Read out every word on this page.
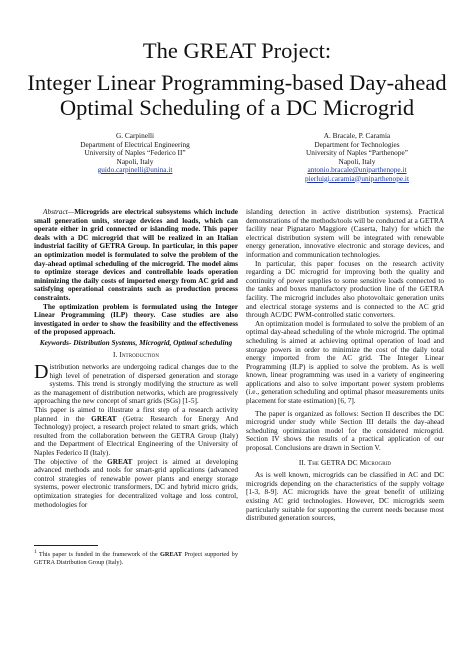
The GREAT Project:
Integer Linear Programming-based Day-ahead
Optimal Scheduling of a DC Microgrid
G. Carpinelli
Department of Electrical Engineering
University of Naples “Federico II”
Napoli, Italy
guido.carpinelli@unina.it
A. Bracale, P. Caramia
Department for Technologies
University of Naples “Parthenope”
Napoli, Italy
antonio.bracale@uniparthenope.it
pierluigi.caramia@uniparthenope.it

Abstract—Microgrids are electrical subsystems which include small generation units, storage devices and loads, which can operate either in grid connected or islanding mode. This paper deals with a DC microgrid that will be realized in an Italian industrial facility of GETRA Group. In particular, in this paper an optimization model is formulated to solve the problem of the day-ahead optimal scheduling of the microgrid. The model aims to optimize storage devices and controllable loads operation minimizing the daily costs of imported energy from AC grid and satisfying operational constraints such as production process constraints.

The optimization problem is formulated using the Integer Linear Programming (ILP) theory. Case studies are also investigated in order to show the feasibility and the effectiveness of the proposed approach.

Keywords- Distribution Systems, Microgrid, Optimal scheduling
I. Introduction

Distribution networks are undergoing radical changes due to the high level of penetration of dispersed generation and storage systems. This trend is strongly modifying the structure as well as the management of distribution networks, which are progressively approaching the new concept of smart grids (SGs) [1-5].

This paper is aimed to illustrate a first step of a research activity planned in the GREAT (Getra: Research for Energy And Technology) project, a research project related to smart grids, which resulted from the collaboration between the GETRA Group (Italy) and the Department of Electrical Engineering of the University of Naples Federico II (Italy).

The objective of the GREAT project is aimed at developing advanced methods and tools for smart-grid applications (advanced control strategies of renewable power plants and energy storage systems, power electronic transformers, DC and hybrid micro grids, optimization strategies for decentralized voltage and loss control, methodologies for

islanding detection in active distribution systems). Practical demonstrations of the methods/tools will be conducted at a GETRA facility near Pignataro Maggiore (Caserta, Italy) for which the electrical distribution system will be integrated with renewable energy generation, innovative electronic and storage devices, and information and communication technologies.

In particular, this paper focuses on the research activity regarding a DC microgrid for improving both the quality and continuity of power supplies to some sensitive loads connected to the tanks and boxes manufactory production line of the GETRA facility. The microgrid includes also photovoltaic generation units and electrical storage systems and is connected to the AC grid through AC/DC PWM-controlled static converters.

An optimization model is formulated to solve the problem of an optimal day-ahead scheduling of the whole microgrid. The optimal scheduling is aimed at achieving optimal operation of load and storage powers in order to minimize the cost of the daily total energy imported from the AC grid. The Integer Linear Programming (ILP) is applied to solve the problem. As is well known, linear programming was used in a variety of engineering applications and also to solve important power system problems (i.e., generation scheduling and optimal phasor measurements units placement for state estimation) [6, 7].

The paper is organized as follows: Section II describes the DC microgrid under study while Section III details the day-ahead scheduling optimization model for the considered microgrid. Section IV shows the results of a practical application of our proposal. Conclusions are drawn in Section V.

II. The GETRA DC Microgrid

As is well known, microgrids can be classified in AC and DC microgrids depending on the characteristics of the supply voltage [1-3, 8-9]. AC microgrids have the great benefit of utilizing existing AC grid technologies. However, DC microgrids seem particularly suitable for supporting the current needs because most distributed generation sources,

$^1$ This paper is funded in the framework of the GREAT Project supported by GETRA Distribution Group (Italy).
